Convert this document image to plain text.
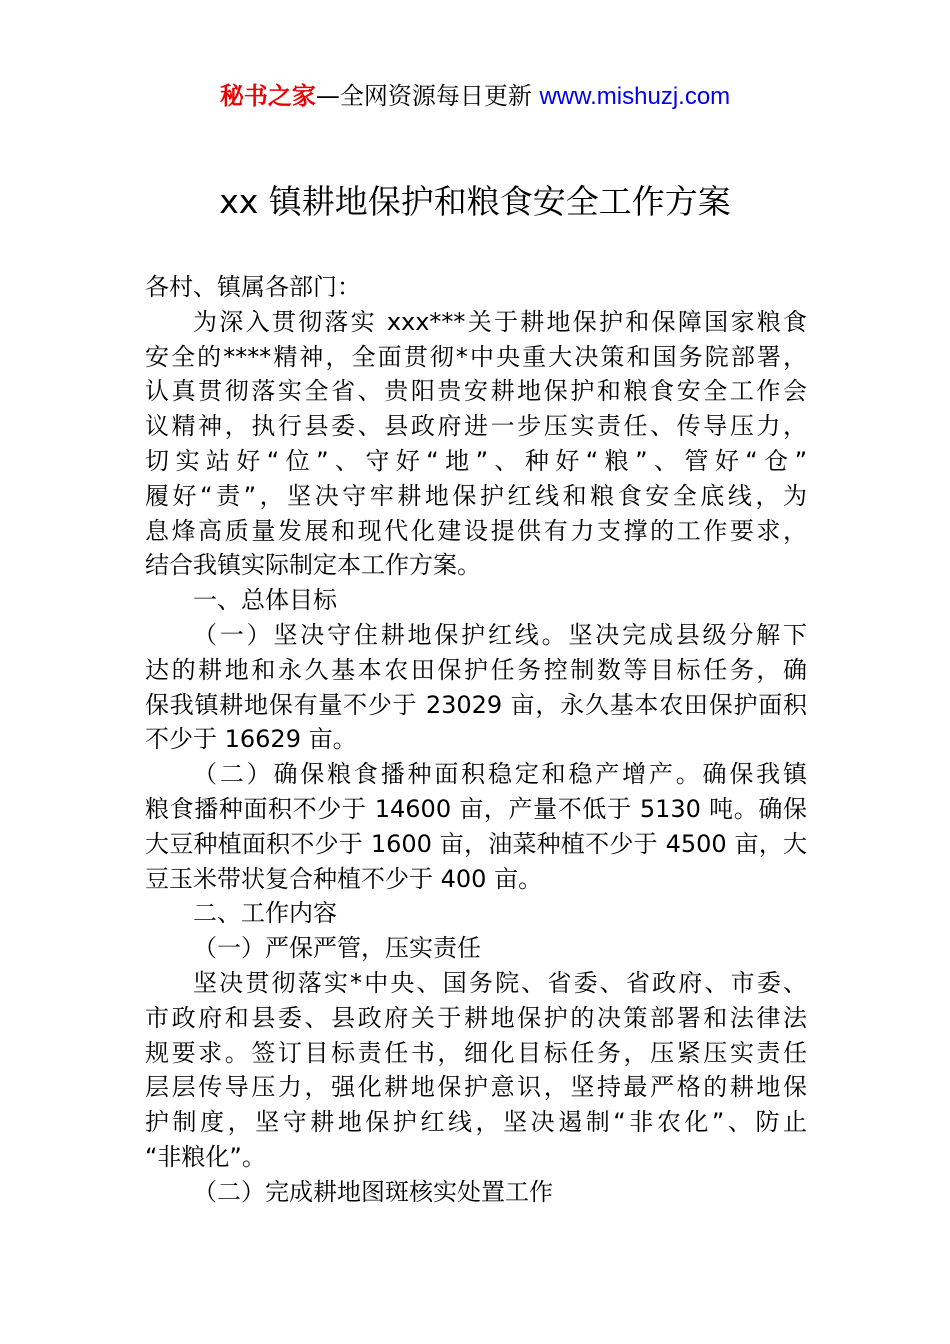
秘书之家—全网资源每日更新 www.mishuzj.com
xx 镇耕地保护和粮食安全工作方案
各村、镇属各部门：
为深入贯彻落实 xxx***关于耕地保护和保障国家粮食
安全的****精神，全面贯彻*中央重大决策和国务院部署，
认真贯彻落实全省、贵阳贵安耕地保护和粮食安全工作会
议精神，执行县委、县政府进一步压实责任、传导压力，
切实站好“位”、守好“地”、种好“粮”、管好“仓”
履好“责”，坚决守牢耕地保护红线和粮食安全底线，为
息烽高质量发展和现代化建设提供有力支撑的工作要求，
结合我镇实际制定本工作方案。
一、总体目标
（一）坚决守住耕地保护红线。坚决完成县级分解下
达的耕地和永久基本农田保护任务控制数等目标任务，确
保我镇耕地保有量不少于 23029 亩，永久基本农田保护面积
不少于 16629 亩。
（二）确保粮食播种面积稳定和稳产增产。确保我镇
粮食播种面积不少于 14600 亩，产量不低于 5130 吨。确保
大豆种植面积不少于 1600 亩，油菜种植不少于 4500 亩，大
豆玉米带状复合种植不少于 400 亩。
二、工作内容
（一）严保严管，压实责任
坚决贯彻落实*中央、国务院、省委、省政府、市委、
市政府和县委、县政府关于耕地保护的决策部署和法律法
规要求。签订目标责任书，细化目标任务，压紧压实责任
层层传导压力，强化耕地保护意识，坚持最严格的耕地保
护制度，坚守耕地保护红线，坚决遏制“非农化”、防止
“非粮化”。
（二）完成耕地图斑核实处置工作
